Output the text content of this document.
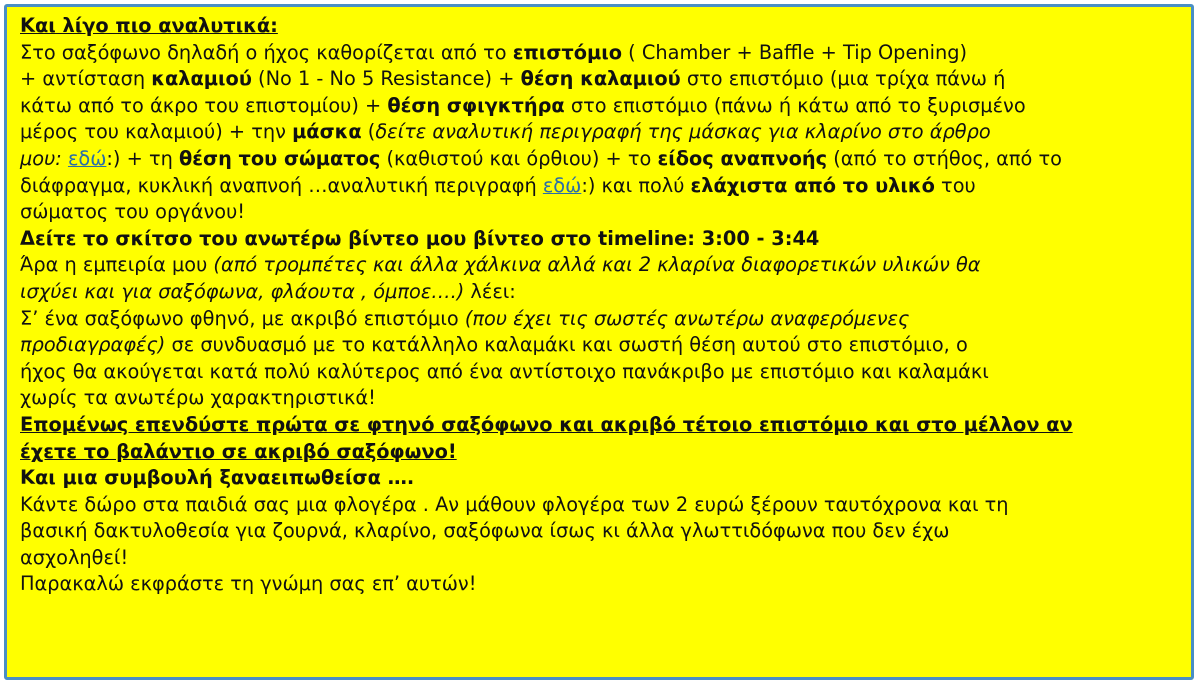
Και λίγο πιο αναλυτικά:
Στο σαξόφωνο δηλαδή ο ήχος καθορίζεται από το επιστόμιο ( Chamber + Baffle + Tip Opening)
+ αντίσταση καλαμιού (No 1 - No 5 Resistance) + θέση καλαμιού στο επιστόμιο (μια τρίχα πάνω ή
κάτω από το άκρο του επιστομίου) + θέση σφιγκτήρα στο επιστόμιο (πάνω ή κάτω από το ξυρισμένο
μέρος του καλαμιού) + την μάσκα (δείτε αναλυτική περιγραφή της μάσκας για κλαρίνο στο άρθρο
μου: εδώ:) + τη θέση του σώματος (καθιστού και όρθιου) + το είδος αναπνοής (από το στήθος, από το
διάφραγμα, κυκλική αναπνοή …αναλυτική περιγραφή εδώ:) και πολύ ελάχιστα από το υλικό του
σώματος του οργάνου!
Δείτε το σκίτσο του ανωτέρω βίντεο μου βίντεο στο timeline: 3:00 - 3:44
Άρα η εμπειρία μου (από τρομπέτες και άλλα χάλκινα αλλά και 2 κλαρίνα διαφορετικών υλικών θα
ισχύει και για σαξόφωνα, φλάουτα , όμποε….) λέει:
Σ’ ένα σαξόφωνο φθηνό, με ακριβό επιστόμιο (που έχει τις σωστές ανωτέρω αναφερόμενες
προδιαγραφές) σε συνδυασμό με το κατάλληλο καλαμάκι και σωστή θέση αυτού στο επιστόμιο, ο
ήχος θα ακούγεται κατά πολύ καλύτερος από ένα αντίστοιχο πανάκριβο με επιστόμιο και καλαμάκι
χωρίς τα ανωτέρω χαρακτηριστικά!
Επομένως επενδύστε πρώτα σε φτηνό σαξόφωνο και ακριβό τέτοιο επιστόμιο και στο μέλλον αν
έχετε το βαλάντιο σε ακριβό σαξόφωνο!
Και μια συμβουλή ξαναειπωθείσα ….
Κάντε δώρο στα παιδιά σας μια φλογέρα . Αν μάθουν φλογέρα των 2 ευρώ ξέρουν ταυτόχρονα και τη
βασική δακτυλοθεσία για ζουρνά, κλαρίνο, σαξόφωνα ίσως κι άλλα γλωττιδόφωνα που δεν έχω
ασχοληθεί!
Παρακαλώ εκφράστε τη γνώμη σας επ’ αυτών!
